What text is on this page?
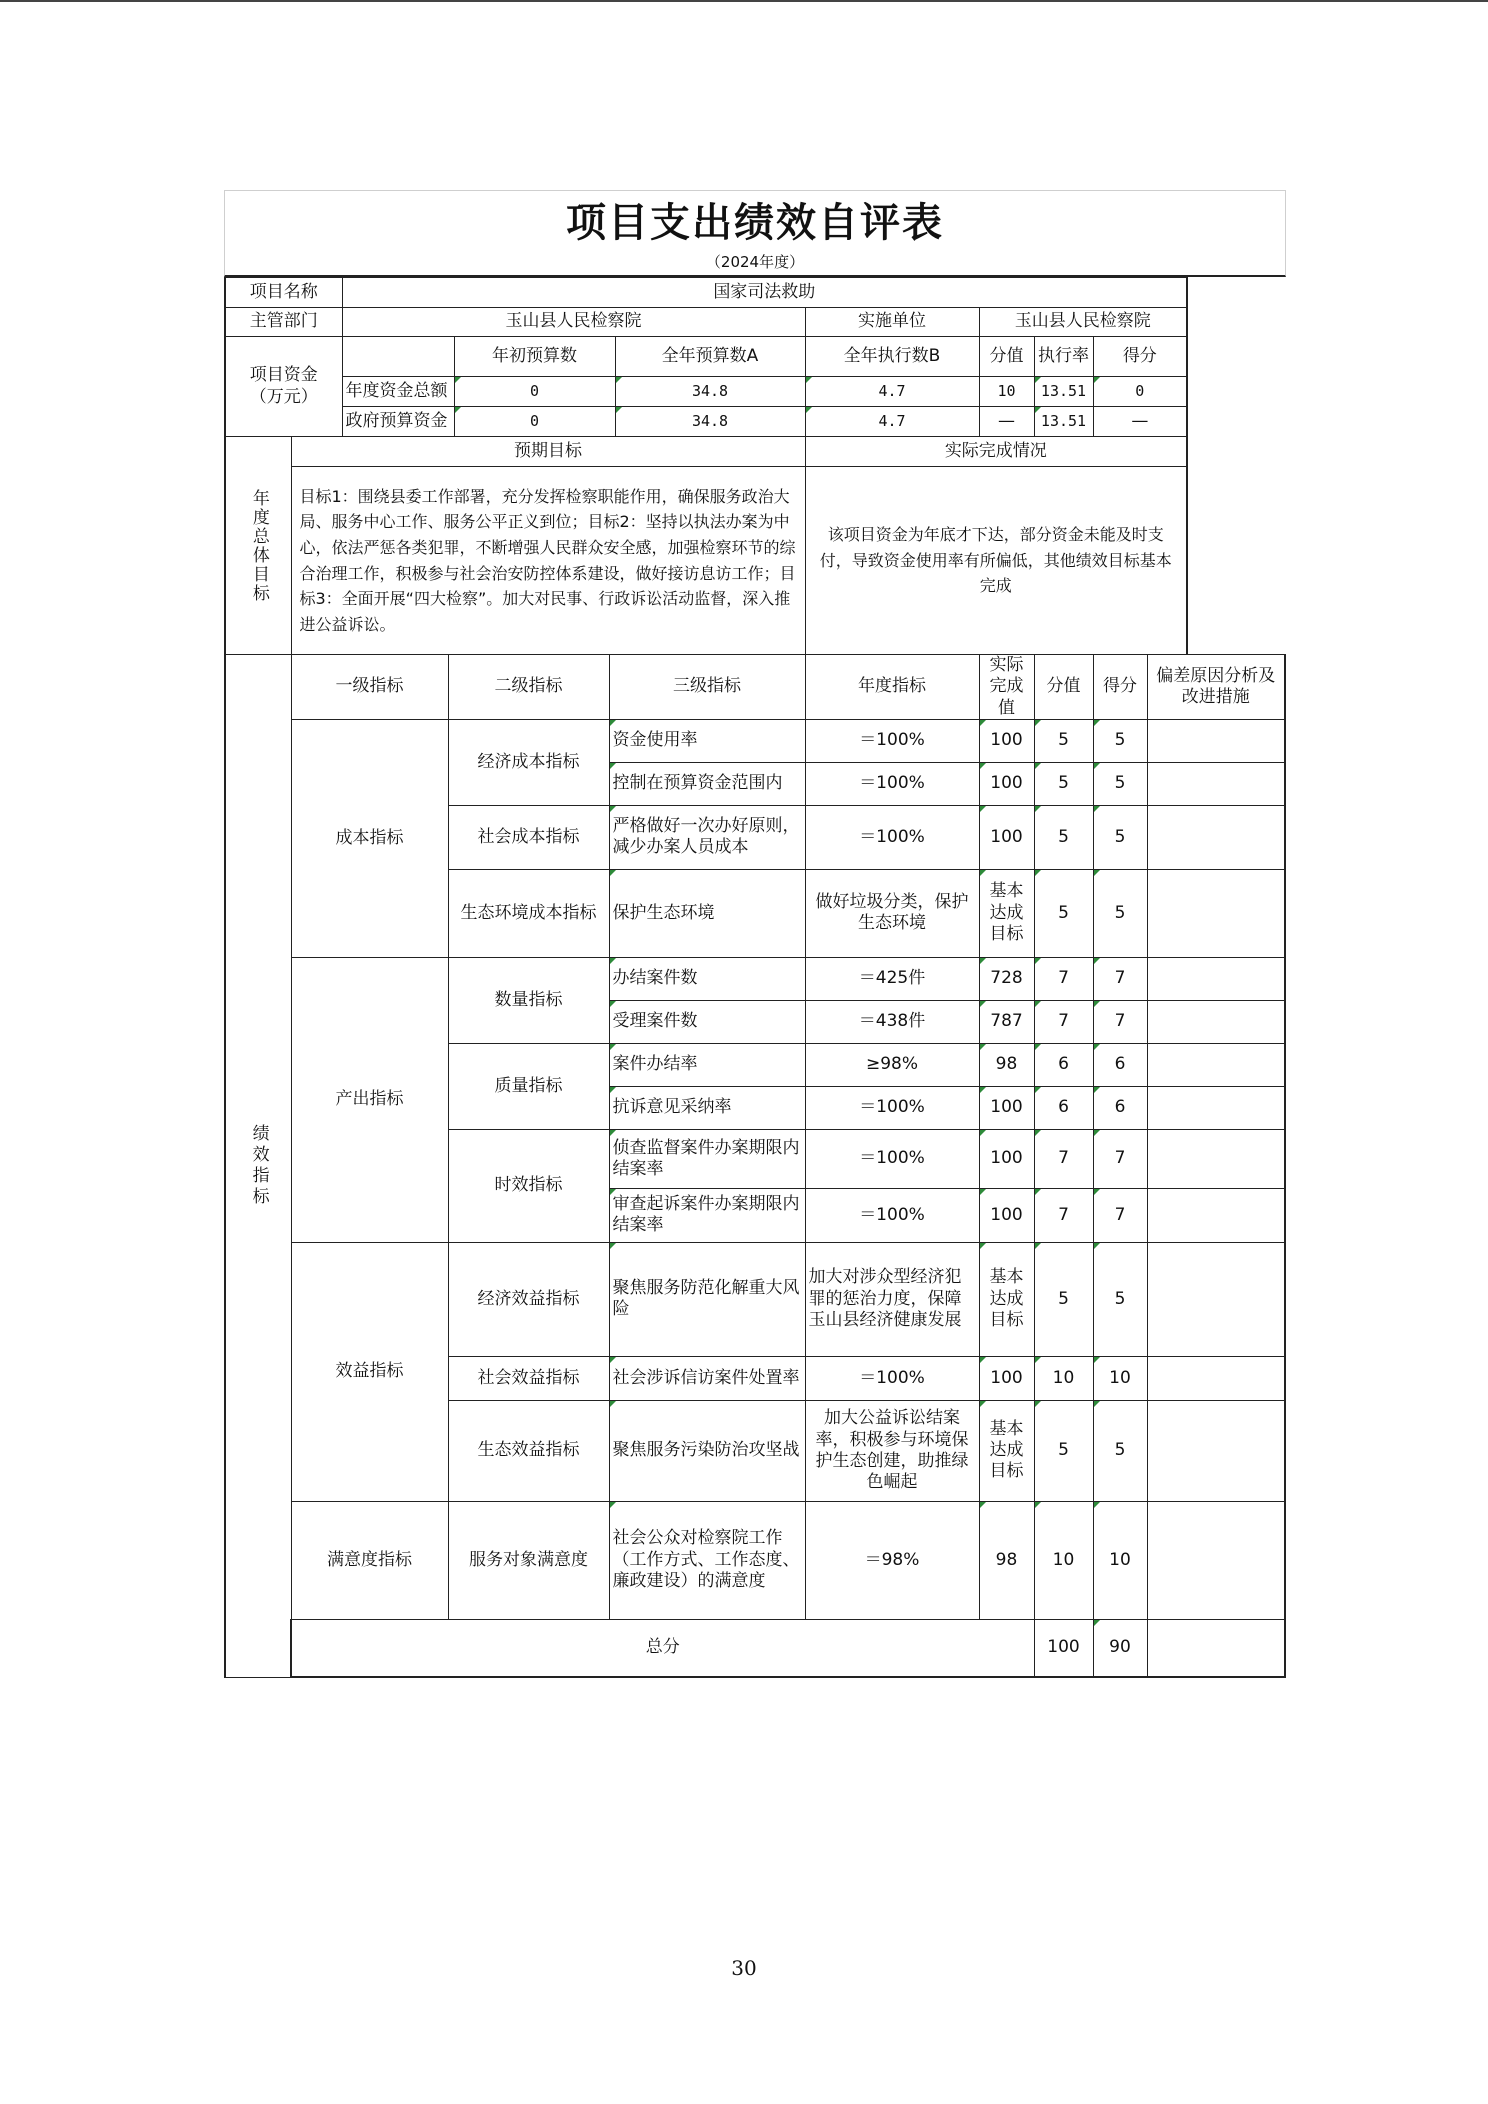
项目支出绩效自评表
（2024年度）
项目名称		国家司法救助									
主管部门		玉山县人民检察院					实施单位	玉山县人民检察院			

项目资金
（万元）				年初预算数		全年预算数A	全年执行数B	分值	执行率	得分	
		年度资金总额		0		34.8	4.7	10	13.51	0	
		政府预算资金		0		34.8	4.7	—	13.51	—	

年度总体目标	预期目标						实际完成情况				
	目标1：围绕县委工作部署，充分发挥检察职能作用，确保服务政治大局、服务中心工作、服务公平正义到位；目标2：坚持以执法办案为中心，依法严惩各类犯罪，不断增强人民群众安全感，加强检察环节的综合治理工作，积极参与社会治安防控体系建设，做好接访息访工作；目标3：全面开展“四大检察”。加大对民事、行政诉讼活动监督，深入推进公益诉讼。						该项目资金为年底才下达，部分资金未能及时支付，导致资金使用率有所偏低，其他绩效目标基本完成				

绩效指标	一级指标		二级指标		三级指标		年度指标	实际完成值	分值	得分	偏差原因分析及改进措施
	成本指标		经济成本指标		资金使用率		＝100%	100	5	5	
					控制在预算资金范围内		＝100%	100	5	5	
			社会成本指标		严格做好一次办好原则，减少办案人员成本		＝100%	100	5	5	
			生态环境成本指标		保护生态环境		做好垃圾分类，保护生态环境	基本达成目标	5	5	
	产出指标		数量指标		办结案件数		＝425件	728	7	7	
					受理案件数		＝438件	787	7	7	
			质量指标		案件办结率		≥98%	98	6	6	
					抗诉意见采纳率		＝100%	100	6	6	
			时效指标		侦查监督案件办案期限内结案率		＝100%	100	7	7	
					审查起诉案件办案期限内结案率		＝100%	100	7	7	
	效益指标		经济效益指标		聚焦服务防范化解重大风险		加大对涉众型经济犯罪的惩治力度，保障玉山县经济健康发展	基本达成目标	5	5	
			社会效益指标		社会涉诉信访案件处置率		＝100%	100	10	10	
			生态效益指标		聚焦服务污染防治攻坚战		加大公益诉讼结案率，积极参与环境保护生态创建，助推绿色崛起	基本达成目标	5	5	
	满意度指标		服务对象满意度		社会公众对检察院工作（工作方式、工作态度、廉政建设）的满意度		＝98%	98	10	10	
	总分								100	90	
30
